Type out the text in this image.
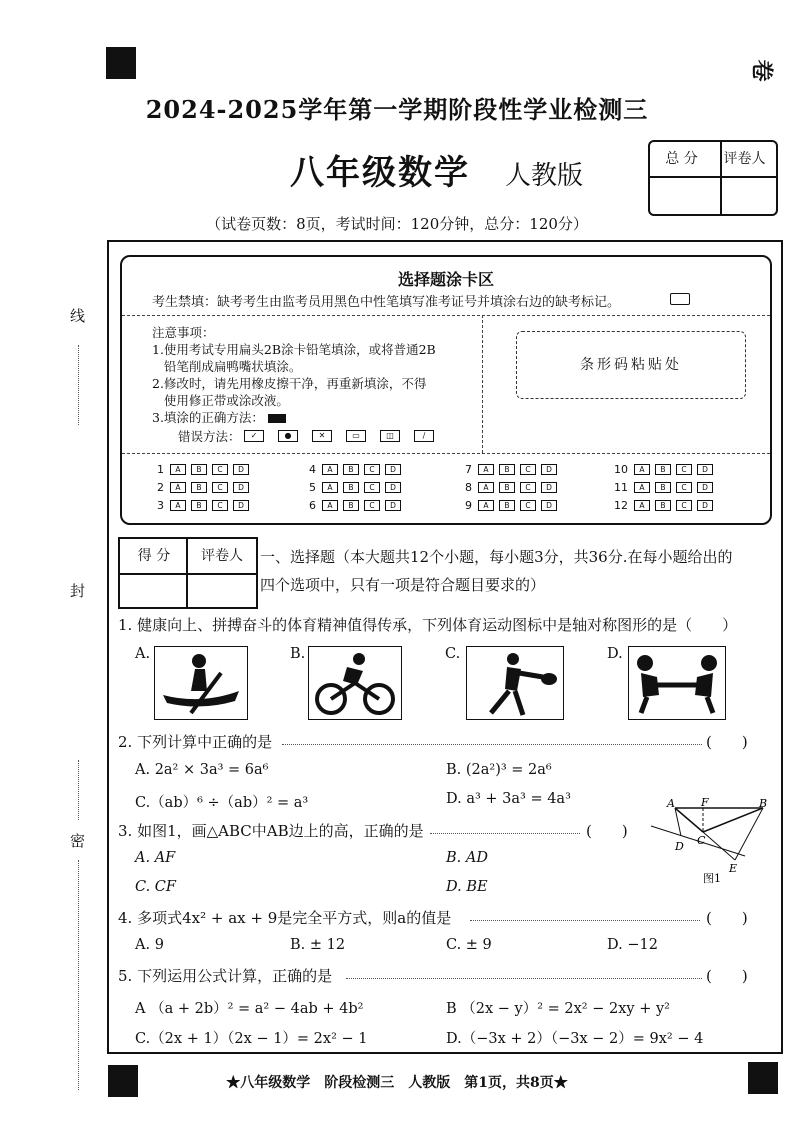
卷
线
封
密
2024-2025学年第一学期阶段性学业检测三
八年级数学 人教版
总 分	评卷人
（试卷页数：8页，考试时间：120分钟，总分：120分）
选择题涂卡区
考生禁填：缺考考生由监考员用黑色中性笔填写准考证号并填涂右边的缺考标记。
注意事项：
1.使用考试专用扁头2B涂卡铅笔填涂，或将普通2B
铅笔削成扁鸭嘴状填涂。
2.修改时，请先用橡皮擦干净，再重新填涂，不得
使用修正带或涂改液。
3.填涂的正确方法：
错误方法：	✓	●	✕	▭	◫	∕
条形码粘贴处
1	A	B	C	D
2	A	B	C	D
3	A	B	C	D
4	A	B	C	D
5	A	B	C	D
6	A	B	C	D
7	A	B	C	D
8	A	B	C	D
9	A	B	C	D
10	A	B	C	D
11	A	B	C	D
12	A	B	C	D
得 分	评卷人	一、选择题（本大题共12个小题，每小题3分，共36分.在每小题给出的
四个选项中，只有一项是符合题目要求的）
1. 健康向上、拼搏奋斗的体育精神值得传承，下列体育运动图标中是轴对称图形的是（　　）
A.	B.	C.	D.
2. 下列计算中正确的是	(　　)
A. 2a² × 3a³ = 6a⁶	B. (2a²)³ = 2a⁶
C.（ab）⁶ ÷（ab）² = a³	D. a³ + 3a³ = 4a³
3. 如图1，画△ABC中AB边上的高，正确的是	(　　)
A. AF	B. AD
C. CF	D. BE
A F	B
D C
E
图1
4. 多项式4x² + ax + 9是完全平方式，则a的值是	(　　)
A. 9	B. ± 12	C. ± 9	D. −12
5. 下列运用公式计算，正确的是	(　　)
A （a + 2b）² = a² − 4ab + 4b²	B （2x − y）² = 2x² − 2xy + y²
C.（2x + 1）（2x − 1）= 2x² − 1	D.（−3x + 2）（−3x − 2）= 9x² − 4
★八年级数学　阶段检测三　人教版　第1页，共8页★
